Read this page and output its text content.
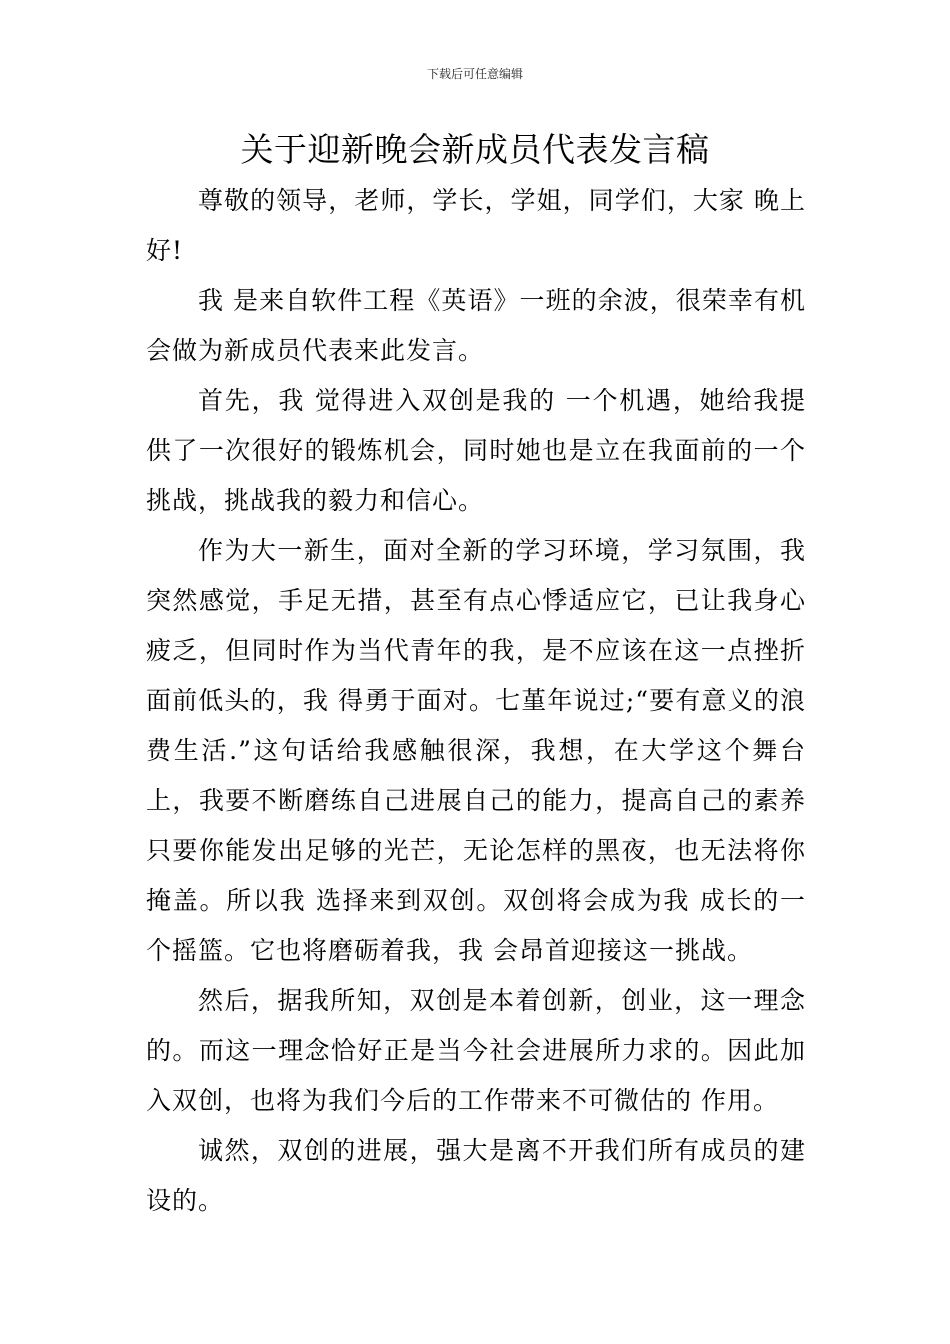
下载后可任意编辑
关于迎新晚会新成员代表发言稿

尊敬的领导，老师，学长，学姐，同学们，大家 晚上好!

我 是来自软件工程《英语》一班的余波，很荣幸有机会做为新成员代表来此发言。

首先，我 觉得进入双创是我的 一个机遇，她给我提供了一次很好的锻炼机会，同时她也是立在我面前的一个挑战，挑战我的毅力和信心。

作为大一新生，面对全新的学习环境，学习氛围，我突然感觉，手足无措，甚至有点心悸适应它，已让我身心疲乏，但同时作为当代青年的我，是不应该在这一点挫折面前低头的，我 得勇于面对。七堇年说过;“要有意义的浪费生活.”这句话给我感触很深，我想，在大学这个舞台上，我要不断磨练自己进展自己的能力，提高自己的素养只要你能发出足够的光芒，无论怎样的黑夜，也无法将你掩盖。所以我 选择来到双创。双创将会成为我 成长的一个摇篮。它也将磨砺着我，我 会昂首迎接这一挑战。

然后，据我所知，双创是本着创新，创业，这一理念的。而这一理念恰好正是当今社会进展所力求的。因此加入双创，也将为我们今后的工作带来不可微估的 作用。

诚然，双创的进展，强大是离不开我们所有成员的建设的。
